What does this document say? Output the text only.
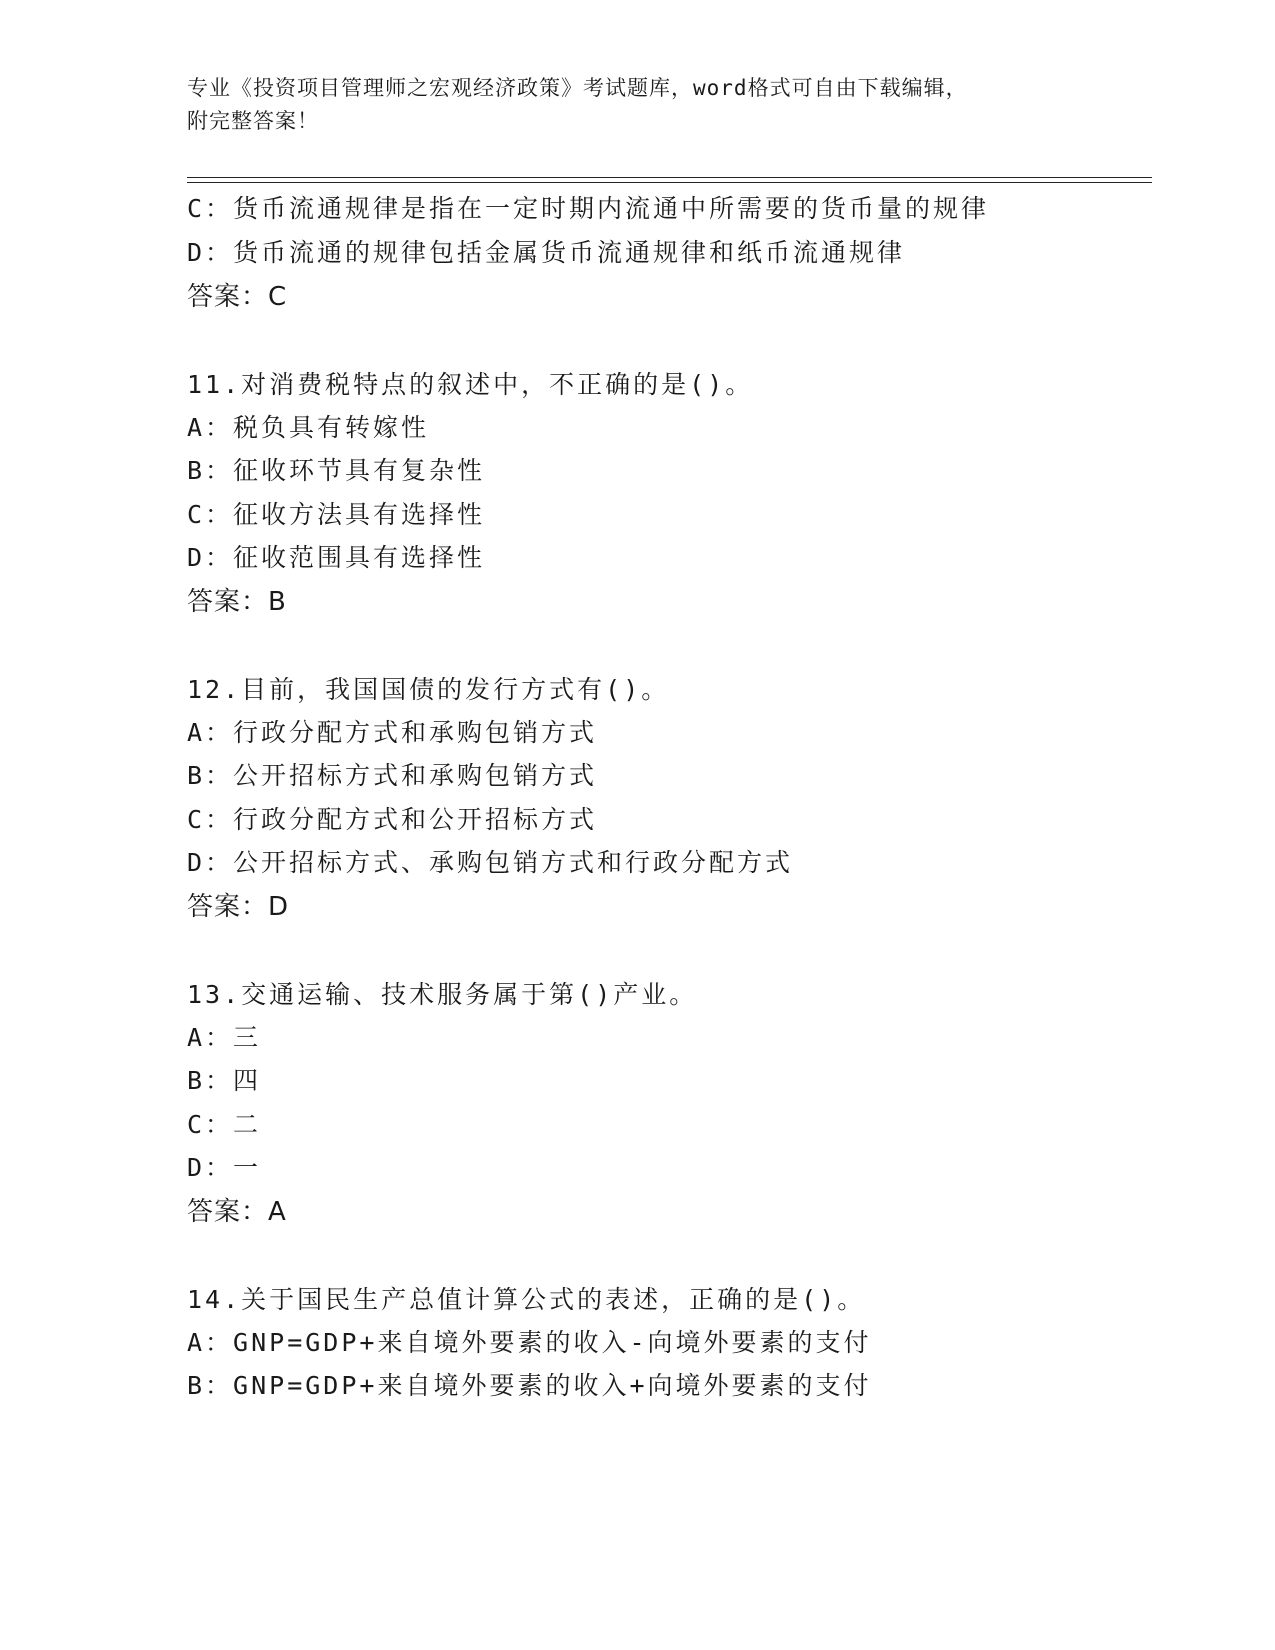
专业《投资项目管理师之宏观经济政策》考试题库，word格式可自由下载编辑，
附完整答案！
C：货币流通规律是指在一定时期内流通中所需要的货币量的规律
D：货币流通的规律包括金属货币流通规律和纸币流通规律
答案：C
11.对消费税特点的叙述中，不正确的是()。
A：税负具有转嫁性
B：征收环节具有复杂性
C：征收方法具有选择性
D：征收范围具有选择性
答案：B
12.目前，我国国债的发行方式有()。
A：行政分配方式和承购包销方式
B：公开招标方式和承购包销方式
C：行政分配方式和公开招标方式
D：公开招标方式、承购包销方式和行政分配方式
答案：D
13.交通运输、技术服务属于第()产业。
A：三
B：四
C：二
D：一
答案：A
14.关于国民生产总值计算公式的表述，正确的是()。
A：GNP=GDP+来自境外要素的收入-向境外要素的支付
B：GNP=GDP+来自境外要素的收入+向境外要素的支付
